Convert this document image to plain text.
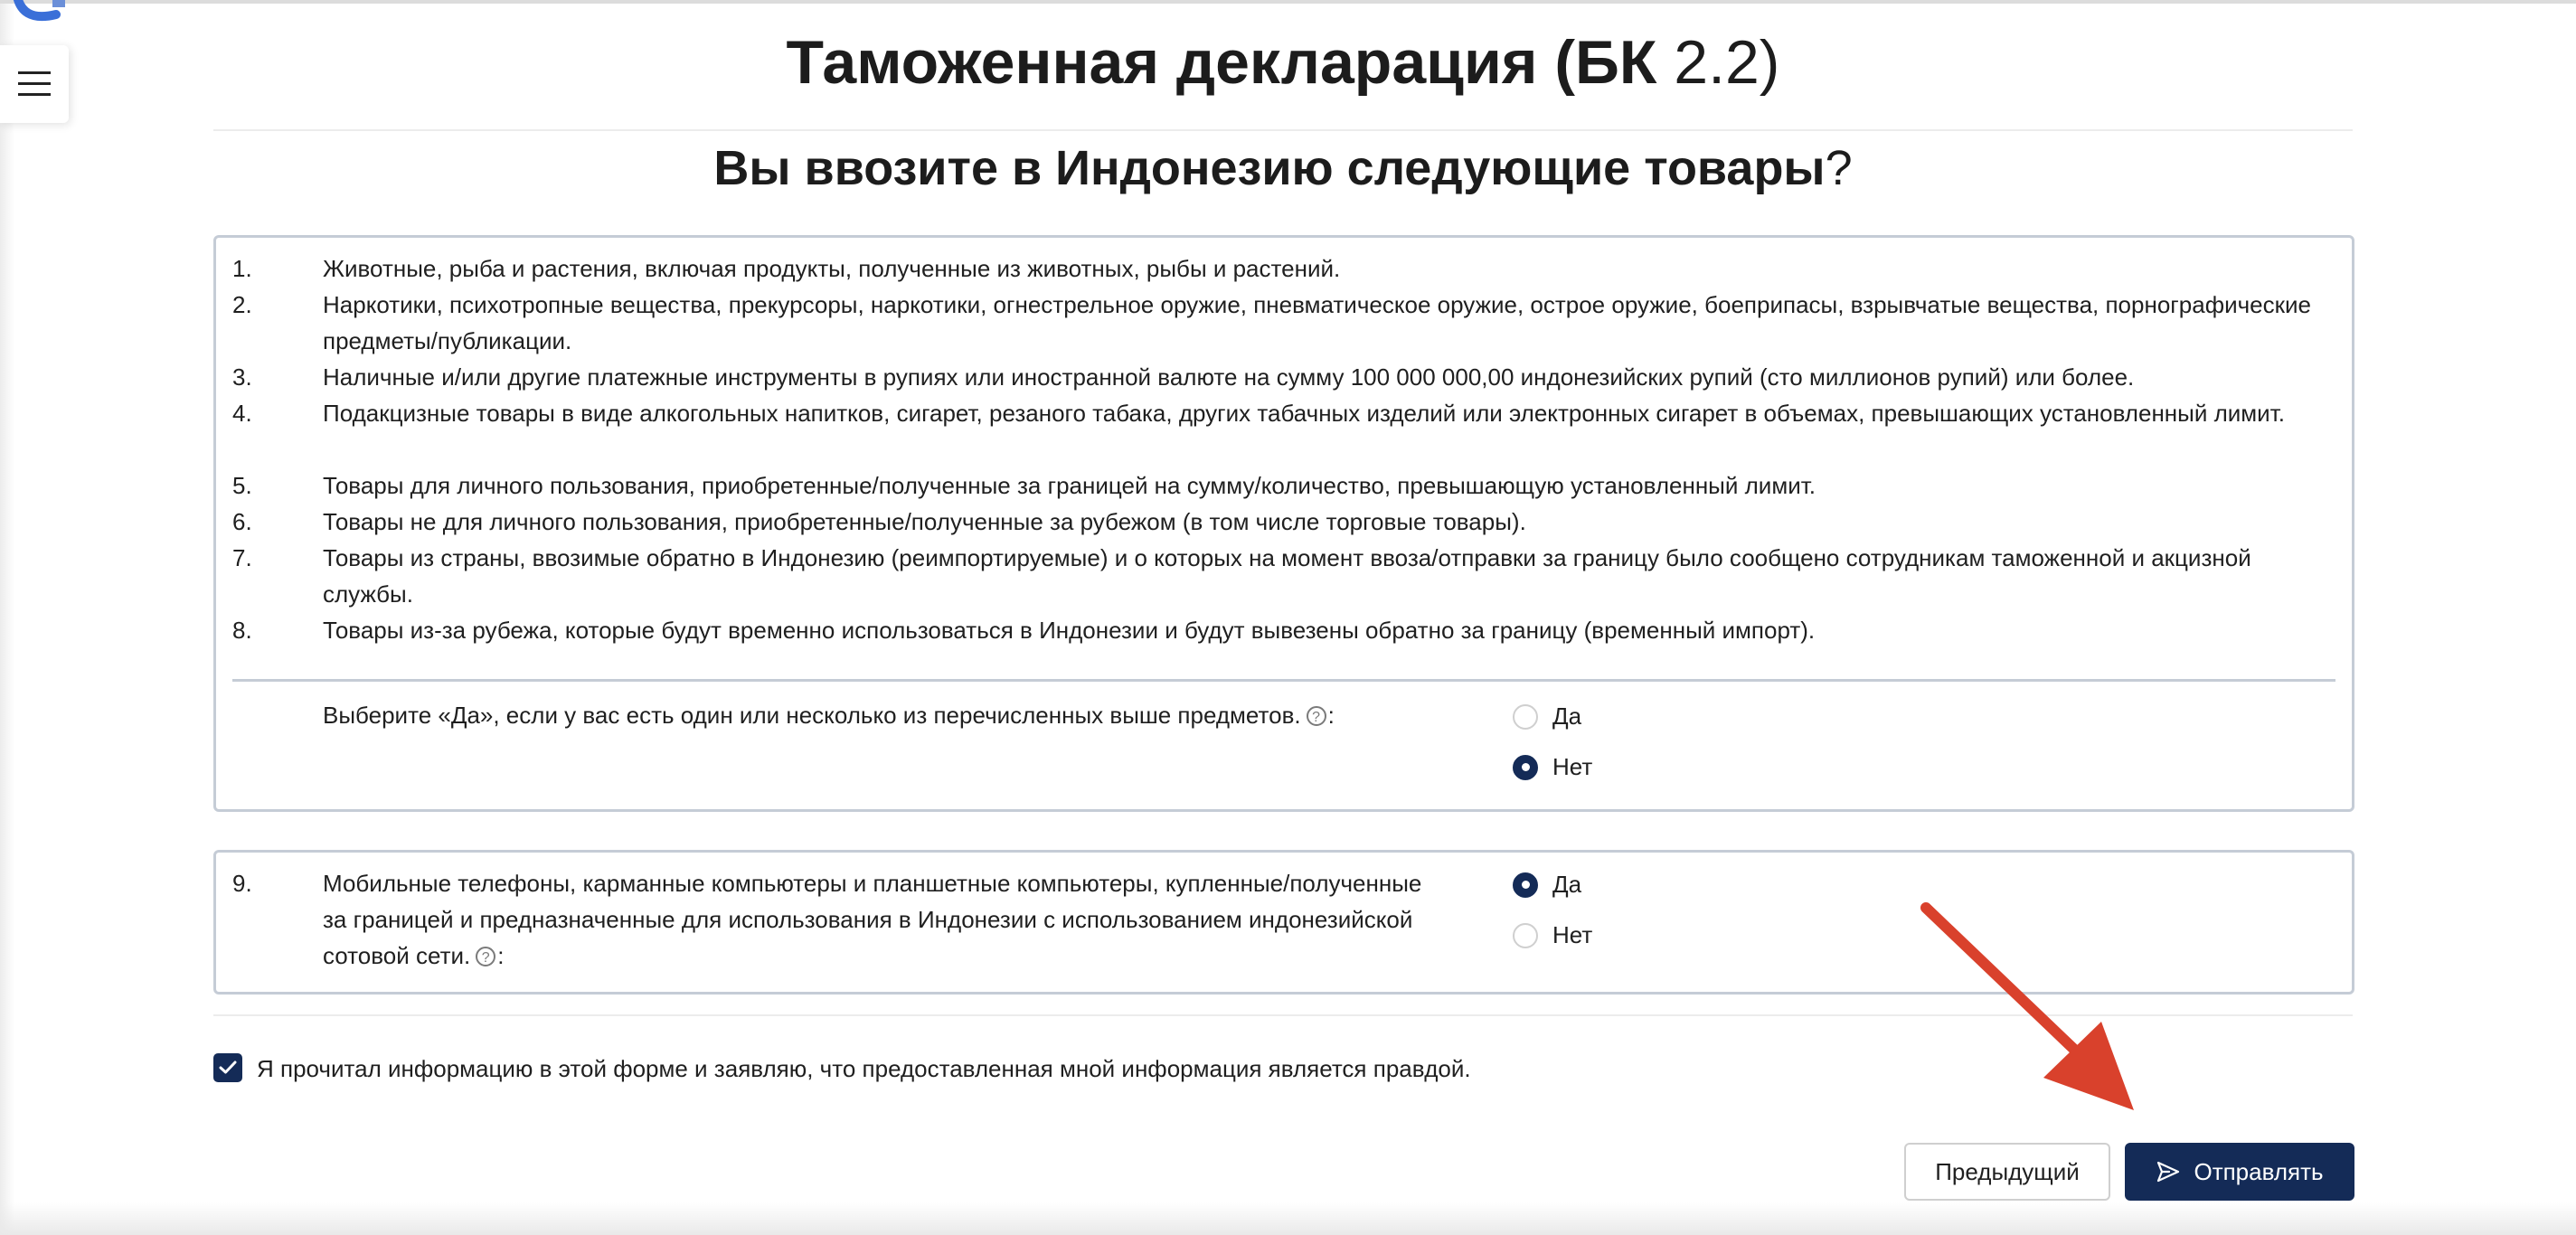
Таможенная декларация (БК 2.2)
Вы ввозите в Индонезию следующие товары?
1.	Животные, рыба и растения, включая продукты, полученные из животных, рыбы и растений.
2.	Наркотики, психотропные вещества, прекурсоры, наркотики, огнестрельное оружие, пневматическое оружие, острое оружие, боеприпасы, взрывчатые вещества, порнографические предметы/публикации.
3.	Наличные и/или другие платежные инструменты в рупиях или иностранной валюте на сумму 100 000 000,00 индонезийских рупий (сто миллионов рупий) или более.
4.	Подакцизные товары в виде алкогольных напитков, сигарет, резаного табака, других табачных изделий или электронных сигарет в объемах, превышающих установленный лимит.
5.	Товары для личного пользования, приобретенные/полученные за границей на сумму/количество, превышающую установленный лимит.
6.	Товары не для личного пользования, приобретенные/полученные за рубежом (в том числе торговые товары).
7.	Товары из страны, ввозимые обратно в Индонезию (реимпортируемые) и о которых на момент ввоза/отправки за границу было сообщено сотрудникам таможенной и акцизной службы.
8.	Товары из-за рубежа, которые будут временно использоваться в Индонезии и будут вывезены обратно за границу (временный импорт).
Выберите «Да», если у вас есть один или несколько из перечисленных выше предметов. ? :	Да
Нет
9.	Мобильные телефоны, карманные компьютеры и планшетные компьютеры, купленные/полученные
за границей и предназначенные для использования в Индонезии с использованием индонезийской
сотовой сети. ? :
Да
Нет
Я прочитал информацию в этой форме и заявляю, что предоставленная мной информация является правдой.
Предыдущий	Отправлять
